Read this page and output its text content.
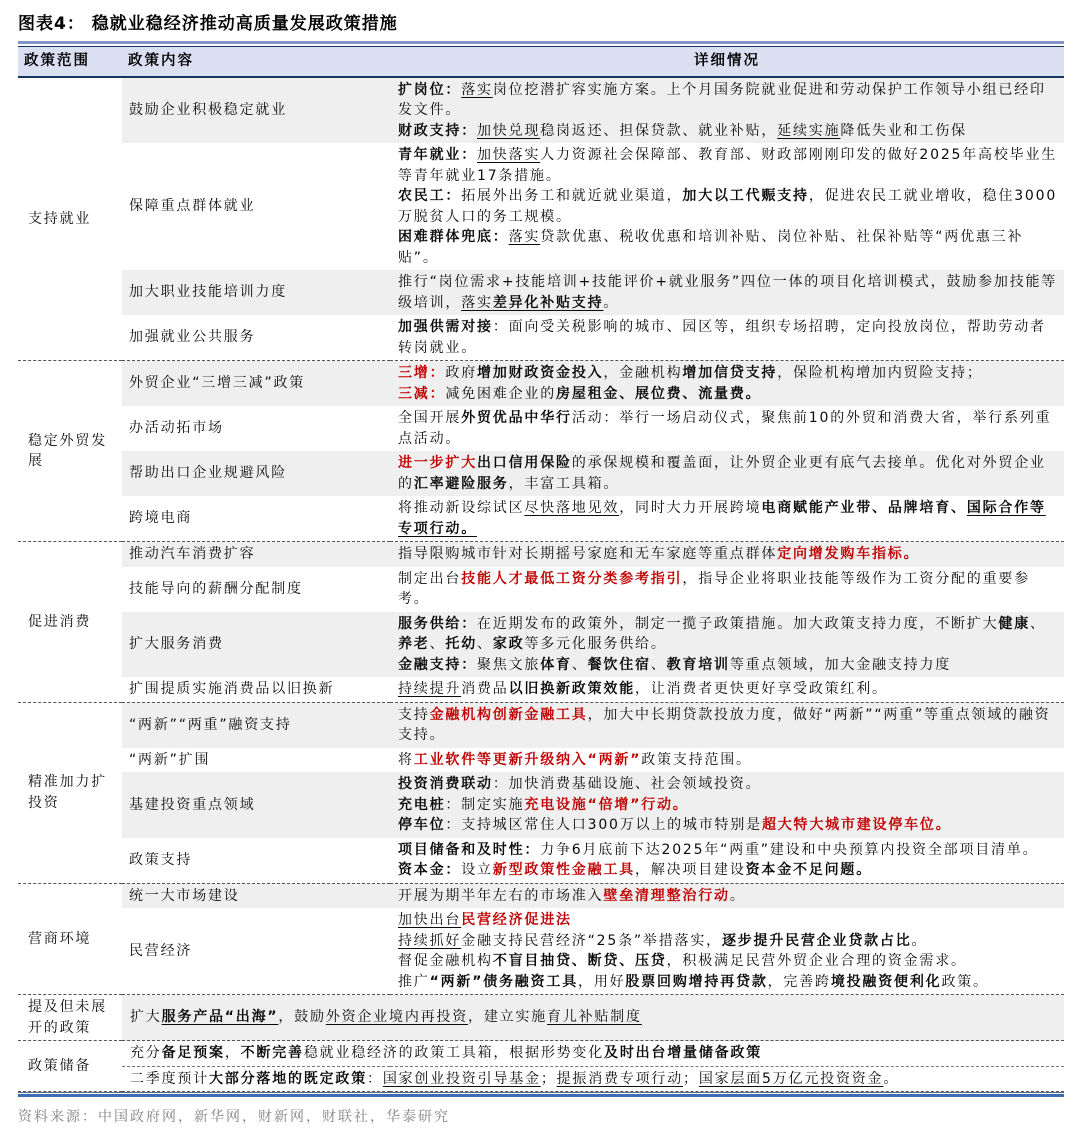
图表4： 稳就业稳经济推动高质量发展政策措施
政策范围	政策内容	详细情况
支持就业	鼓励企业积极稳定就业	扩岗位：落实岗位挖潜扩容实施方案。上个月国务院就业促进和劳动保护工作领导小组已经印发文件。
财政支持：加快兑现稳岗返还、担保贷款、就业补贴，延续实施降低失业和工伤保

	保障重点群体就业	青年就业：加快落实人力资源社会保障部、教育部、财政部刚刚印发的做好2025年高校毕业生等青年就业17条措施。
农民工：拓展外出务工和就近就业渠道，加大以工代赈支持，促进农民工就业增收，稳住3000万脱贫人口的务工规模。
困难群体兜底：落实贷款优惠、税收优惠和培训补贴、岗位补贴、社保补贴等“两优惠三补贴”。

	加大职业技能培训力度	推行“岗位需求+技能培训+技能评价+就业服务”四位一体的项目化培训模式，鼓励参加技能等级培训，落实差异化补贴支持。

	加强就业公共服务	加强供需对接：面向受关税影响的城市、园区等，组织专场招聘，定向投放岗位，帮助劳动者转岗就业。

稳定外贸发展	外贸企业“三增三减”政策	三增：政府增加财政资金投入，金融机构增加信贷支持，保险机构增加内贸险支持；
三减：减免困难企业的房屋租金、展位费、流量费。

	办活动拓市场	全国开展外贸优品中华行活动：举行一场启动仪式，聚焦前10的外贸和消费大省，举行系列重点活动。

	帮助出口企业规避风险	进一步扩大出口信用保险的承保规模和覆盖面，让外贸企业更有底气去接单。优化对外贸企业的汇率避险服务，丰富工具箱。

	跨境电商	将推动新设综试区尽快落地见效，同时大力开展跨境电商赋能产业带、品牌培育、国际合作等专项行动。

促进消费	推动汽车消费扩容	指导限购城市针对长期摇号家庭和无车家庭等重点群体定向增发购车指标。

	技能导向的薪酬分配制度	制定出台技能人才最低工资分类参考指引，指导企业将职业技能等级作为工资分配的重要参考。

	扩大服务消费	服务供给：在近期发布的政策外，制定一揽子政策措施。加大政策支持力度，不断扩大健康、养老、托幼、家政等多元化服务供给。
金融支持：聚焦文旅体育、餐饮住宿、教育培训等重点领域，加大金融支持力度

	扩围提质实施消费品以旧换新	持续提升消费品以旧换新政策效能，让消费者更快更好享受政策红利。

精准加力扩投资	“两新”“两重”融资支持	支持金融机构创新金融工具，加大中长期贷款投放力度，做好“两新”“两重”等重点领域的融资支持。

	“两新”扩围	将工业软件等更新升级纳入“两新”政策支持范围。

	基建投资重点领域	投资消费联动：加快消费基础设施、社会领域投资。
充电桩：制定实施充电设施“倍增”行动。
停车位：支持城区常住人口300万以上的城市特别是超大特大城市建设停车位。

	政策支持	项目储备和及时性：力争6月底前下达2025年“两重”建设和中央预算内投资全部项目清单。
资本金：设立新型政策性金融工具，解决项目建设资本金不足问题。

营商环境	统一大市场建设	开展为期半年左右的市场准入壁垒清理整治行动。

	民营经济	加快出台民营经济促进法
持续抓好金融支持民营经济“25条”举措落实，逐步提升民营企业贷款占比。
督促金融机构不盲目抽贷、断贷、压贷，积极满足民营外贸企业合理的资金需求。
推广“两新”债务融资工具，用好股票回购增持再贷款，完善跨境投融资便利化政策。

提及但未展开的政策	扩大服务产品“出海”，鼓励外资企业境内再投资，建立实施育儿补贴制度	

政策储备	充分备足预案，不断完善稳就业稳经济的政策工具箱，根据形势变化及时出台增量储备政策	

	二季度预计大部分落地的既定政策：国家创业投资引导基金；提振消费专项行动；国家层面5万亿元投资资金。	
资料来源：中国政府网，新华网，财新网，财联社，华泰研究
